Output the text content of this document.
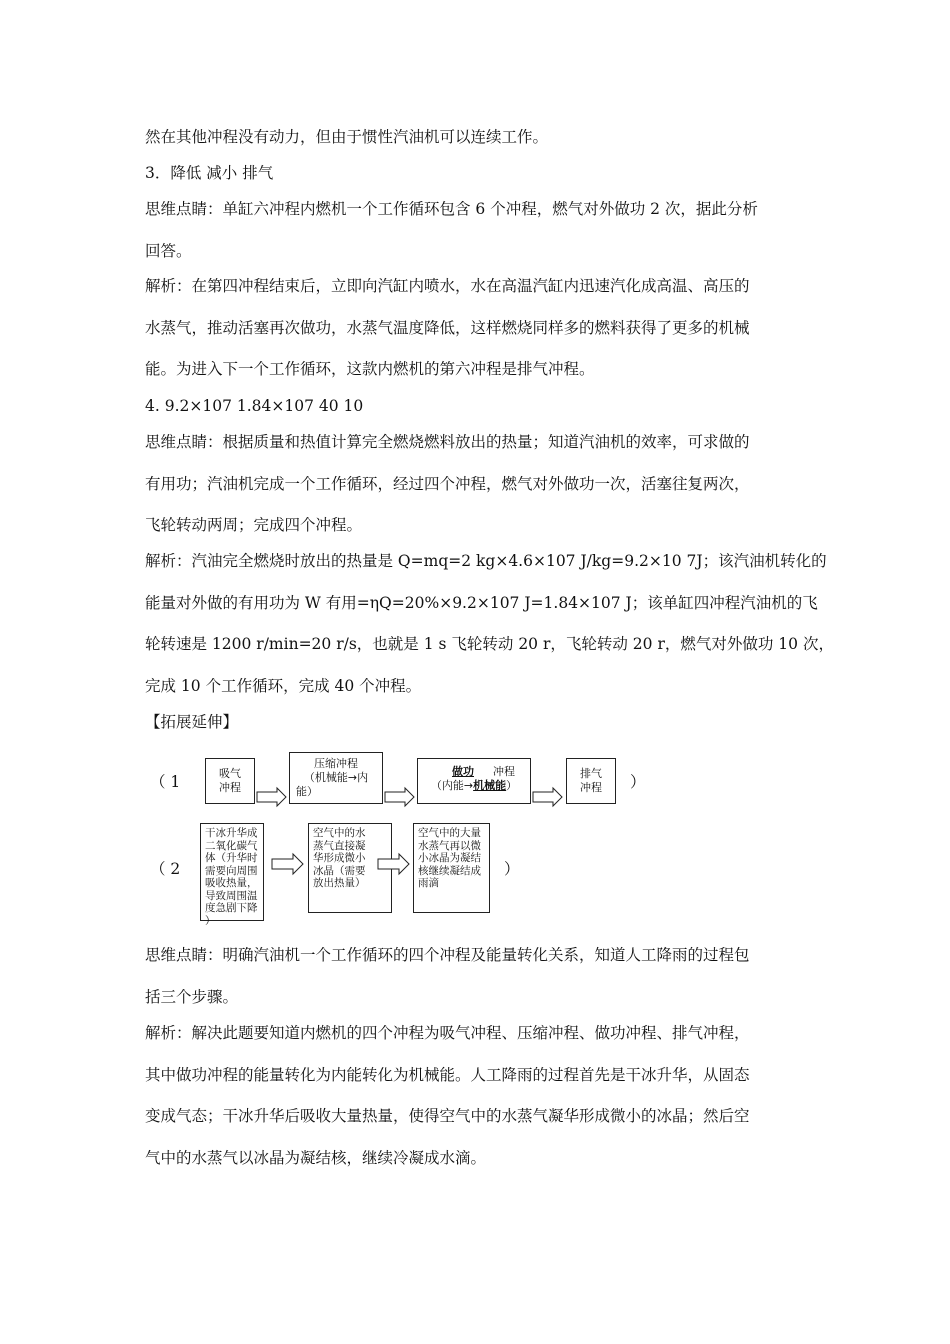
然在其他冲程没有动力，但由于惯性汽油机可以连续工作。
3．降低 减小 排气
思维点睛：单缸六冲程内燃机一个工作循环包含 6 个冲程，燃气对外做功 2 次，据此分析
回答。
解析：在第四冲程结束后，立即向汽缸内喷水，水在高温汽缸内迅速汽化成高温、高压的
水蒸气，推动活塞再次做功，水蒸气温度降低，这样燃烧同样多的燃料获得了更多的机械
能。为进入下一个工作循环，这款内燃机的第六冲程是排气冲程。
4. 9.2×107 1.84×107 40 10
思维点睛：根据质量和热值计算完全燃烧燃料放出的热量；知道汽油机的效率，可求做的
有用功；汽油机完成一个工作循环，经过四个冲程，燃气对外做功一次，活塞往复两次，
飞轮转动两周；完成四个冲程。
解析：汽油完全燃烧时放出的热量是 Q=mq=2 kg×4.6×107 J/kg=9.2×10 7J；该汽油机转化的
能量对外做的有用功为 W 有用=ηQ=20%×9.2×107 J=1.84×107 J；该单缸四冲程汽油机的飞
轮转速是 1200 r/min=20 r/s，也就是 1 s 飞轮转动 20 r，飞轮转动 20 r，燃气对外做功 10 次，
完成 10 个工作循环，完成 40 个冲程。
【拓展延伸】
（ 1	吸气
冲程
压缩冲程
（机械能→内
能）
做功 冲程
（内能→机械能）
排气
冲程	）
（ 2
干冰升华成
二氧化碳气
体（升华时
需要向周围
吸收热量，
导致周围温
度急剧下降
）
空气中的水
蒸气直接凝
华形成微小
冰晶（需要
放出热量）
空气中的大量
水蒸气再以微
小冰晶为凝结
核继续凝结成
雨滴
）
思维点睛：明确汽油机一个工作循环的四个冲程及能量转化关系，知道人工降雨的过程包
括三个步骤。
解析：解决此题要知道内燃机的四个冲程为吸气冲程、压缩冲程、做功冲程、排气冲程，
其中做功冲程的能量转化为内能转化为机械能。人工降雨的过程首先是干冰升华，从固态
变成气态；干冰升华后吸收大量热量，使得空气中的水蒸气凝华形成微小的冰晶；然后空
气中的水蒸气以冰晶为凝结核，继续冷凝成水滴。
